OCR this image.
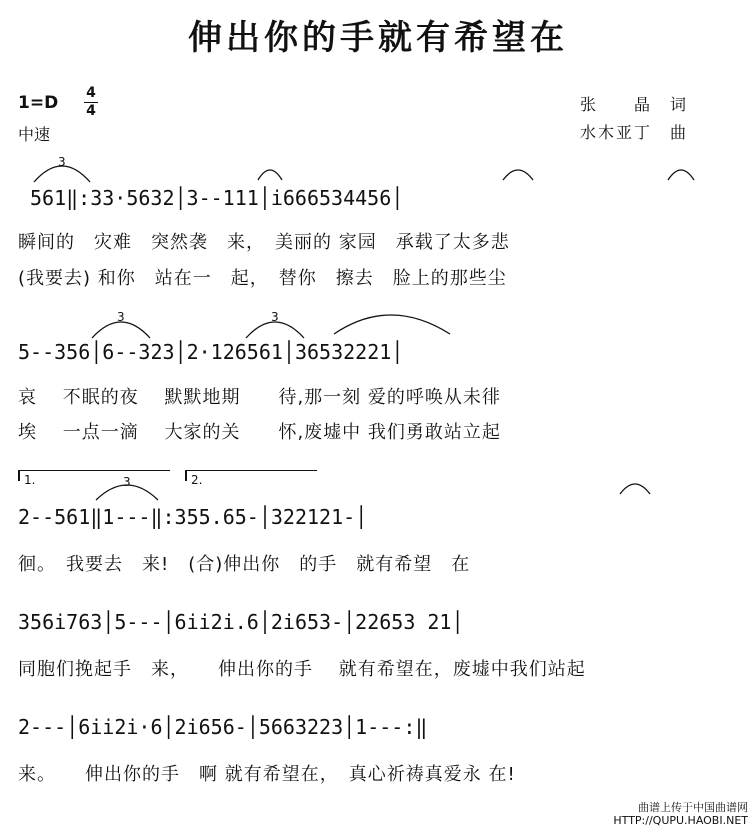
伸出你的手就有希望在
1=D 4
4
中速
张　　晶　词
水木亚丁　曲
3
3	3
3
561‖:33·5632│3--111│i666534456│
瞬间的　灾难　突然袭　来，　美丽的 家园　承载了太多悲
(我要去) 和你　站在一　起，　替你　擦去　脸上的那些尘
5--356│6--323│2·126561│36532221│
哀　 不眠的夜　 默默地期　　待,那一刻 爱的呼唤从未徘
埃　 一点一滴　 大家的关　　怀,废墟中 我们勇敢站立起
1.	2.
2--561‖1---‖:355.65-│322121-│
徊。　我要去　来!　(合)伸出你　的手　就有希望　在
356i763│5---│6ii2i.6│2i653-│22653 21│
同胞们挽起手　来，　　伸出你的手　 就有希望在，废墟中我们站起
2---│6ii2i·6│2i656-│5663223│1---:‖
来。　　伸出你的手　啊 就有希望在，　真心祈祷真爱永 在!
曲谱上传于中国曲谱网
HTTP://QUPU.HAOBI.NET
